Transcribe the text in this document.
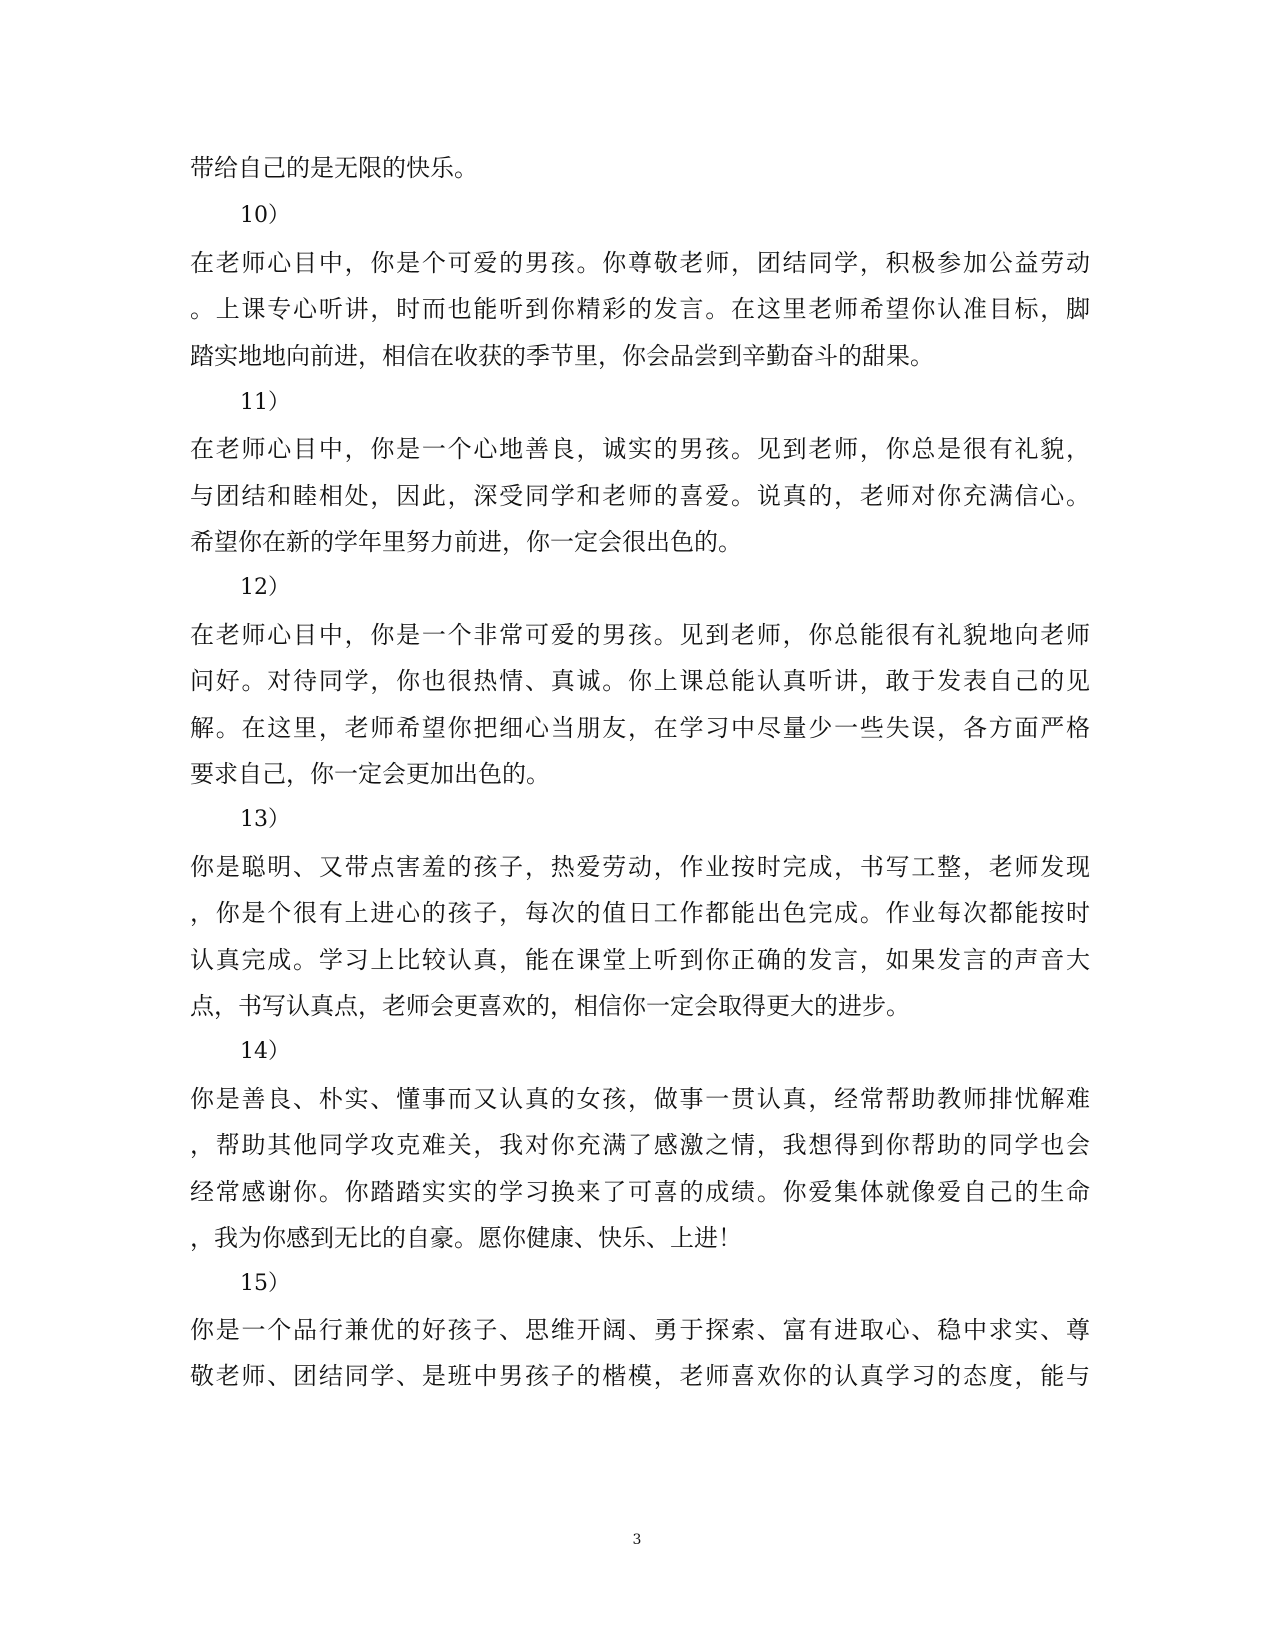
带给自己的是无限的快乐。
10）
在老师心目中，你是个可爱的男孩。你尊敬老师，团结同学，积极参加公益劳动
。上课专心听讲，时而也能听到你精彩的发言。在这里老师希望你认准目标，脚
踏实地地向前进，相信在收获的季节里，你会品尝到辛勤奋斗的甜果。
11）
在老师心目中，你是一个心地善良，诚实的男孩。见到老师，你总是很有礼貌，
与团结和睦相处，因此，深受同学和老师的喜爱。说真的，老师对你充满信心。
希望你在新的学年里努力前进，你一定会很出色的。
12）
在老师心目中，你是一个非常可爱的男孩。见到老师，你总能很有礼貌地向老师
问好。对待同学，你也很热情、真诚。你上课总能认真听讲，敢于发表自己的见
解。在这里，老师希望你把细心当朋友，在学习中尽量少一些失误，各方面严格
要求自己，你一定会更加出色的。
13）
你是聪明、又带点害羞的孩子，热爱劳动，作业按时完成，书写工整，老师发现
，你是个很有上进心的孩子，每次的值日工作都能出色完成。作业每次都能按时
认真完成。学习上比较认真，能在课堂上听到你正确的发言，如果发言的声音大
点，书写认真点，老师会更喜欢的，相信你一定会取得更大的进步。
14）
你是善良、朴实、懂事而又认真的女孩，做事一贯认真，经常帮助教师排忧解难
，帮助其他同学攻克难关，我对你充满了感激之情，我想得到你帮助的同学也会
经常感谢你。你踏踏实实的学习换来了可喜的成绩。你爱集体就像爱自己的生命
，我为你感到无比的自豪。愿你健康、快乐、上进！
15）
你是一个品行兼优的好孩子、思维开阔、勇于探索、富有进取心、稳中求实、尊
敬老师、团结同学、是班中男孩子的楷模，老师喜欢你的认真学习的态度，能与
3
